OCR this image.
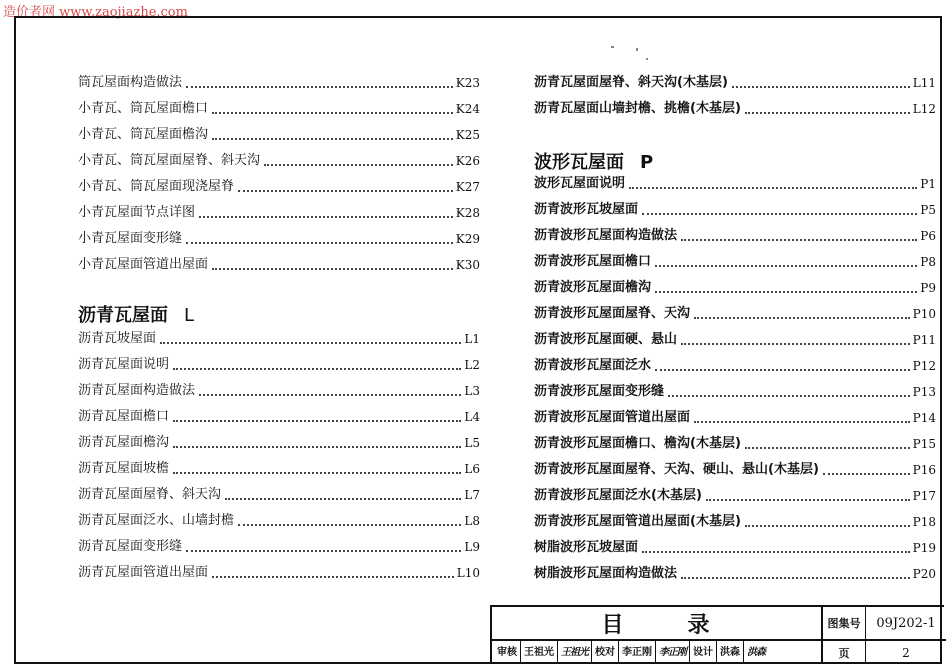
造价者网 www.zaojiazhe.com
筒瓦屋面构造做法	K23
小青瓦、筒瓦屋面檐口	K24
小青瓦、筒瓦屋面檐沟	K25
小青瓦、筒瓦屋面屋脊、斜天沟	K26
小青瓦、筒瓦屋面现浇屋脊	K27
小青瓦屋面节点详图	K28
小青瓦屋面变形缝	K29
小青瓦屋面管道出屋面	K30
沥青瓦屋面 L
沥青瓦坡屋面	L1
沥青瓦屋面说明	L2
沥青瓦屋面构造做法	L3
沥青瓦屋面檐口	L4
沥青瓦屋面檐沟	L5
沥青瓦屋面坡檐	L6
沥青瓦屋面屋脊、斜天沟	L7
沥青瓦屋面泛水、山墙封檐	L8
沥青瓦屋面变形缝	L9
沥青瓦屋面管道出屋面	L10
沥青瓦屋面屋脊、斜天沟(木基层)	L11
沥青瓦屋面山墙封檐、挑檐(木基层)	L12
波形瓦屋面 P
波形瓦屋面说明	P1
沥青波形瓦坡屋面	P5
沥青波形瓦屋面构造做法	P6
沥青波形瓦屋面檐口	P8
沥青波形瓦屋面檐沟	P9
沥青波形瓦屋面屋脊、天沟	P10
沥青波形瓦屋面硬、悬山	P11
沥青波形瓦屋面泛水	P12
沥青波形瓦屋面变形缝	P13
沥青波形瓦屋面管道出屋面	P14
沥青波形瓦屋面檐口、檐沟(木基层)	P15
沥青波形瓦屋面屋脊、天沟、硬山、悬山(木基层)	P16
沥青波形瓦屋面泛水(木基层)	P17
沥青波形瓦屋面管道出屋面(木基层)	P18
树脂波形瓦坡屋面	P19
树脂波形瓦屋面构造做法	P20
目	录	图集号	09J202-1
审核 王祖光 王祖光 校对 李正刚 李正刚 设计 洪森 洪森	页	2
